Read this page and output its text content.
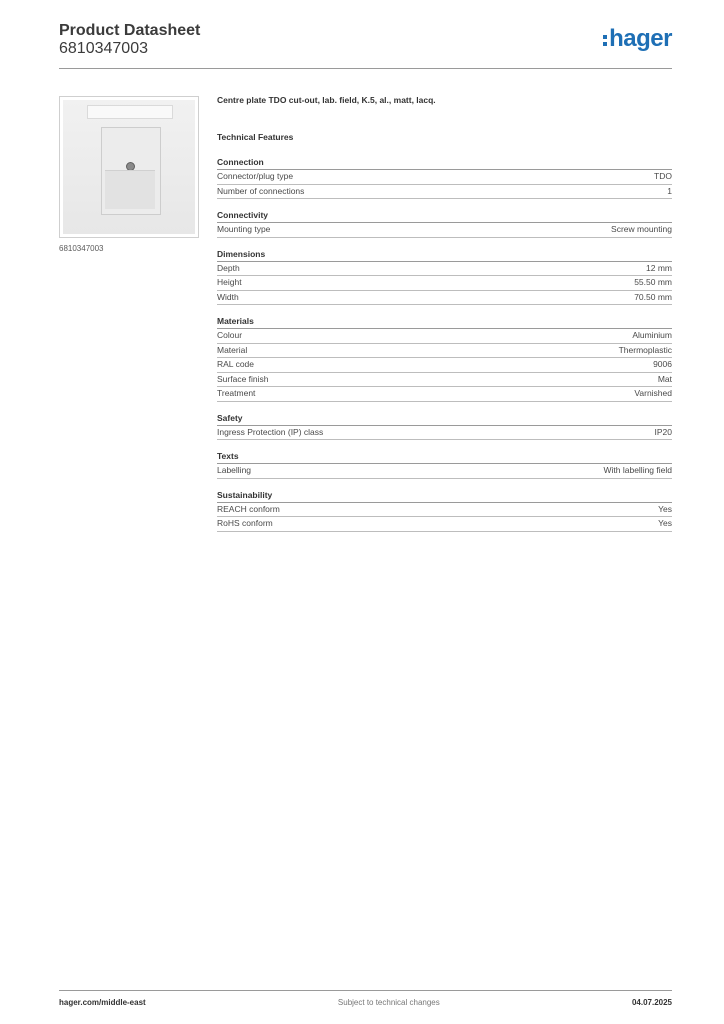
Product Datasheet
6810347003	hager
6810347003
Centre plate TDO cut-out, lab. field, K.5, al., matt, lacq.
Technical Features
Connection
Connector/plug type	TDO
Number of connections	1
Connectivity
Mounting type	Screw mounting
Dimensions
Depth	12 mm
Height	55.50 mm
Width	70.50 mm
Materials
Colour	Aluminium
Material	Thermoplastic
RAL code	9006
Surface finish	Mat
Treatment	Varnished
Safety
Ingress Protection (IP) class	IP20
Texts
Labelling	With labelling field
Sustainability
REACH conform	Yes
RoHS conform	Yes
hager.com/middle-east	Subject to technical changes	04.07.2025
